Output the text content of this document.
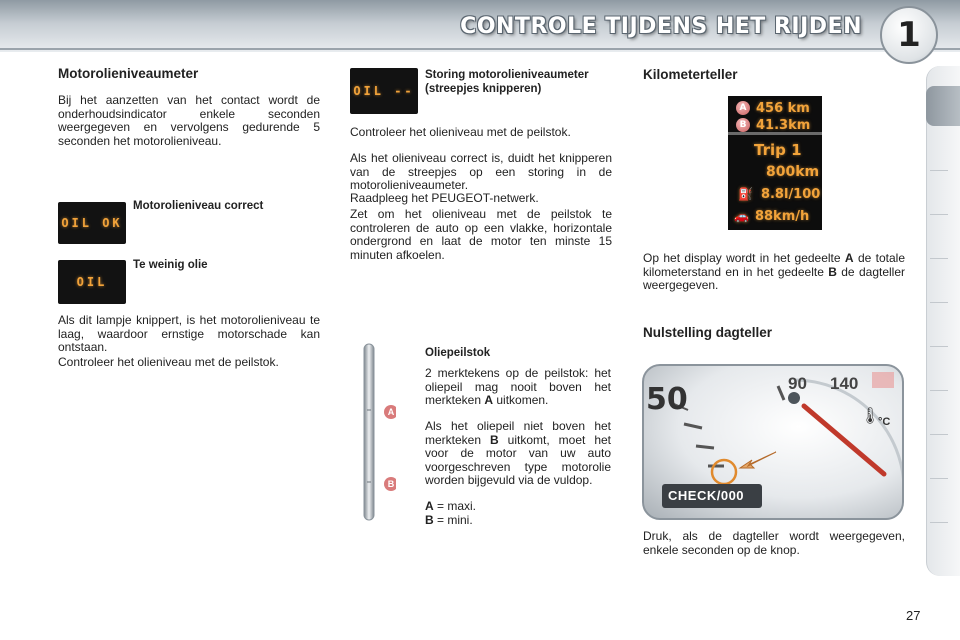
CONTROLE TIJDENS HET RIJDEN	1
Motorolieniveaumeter
Bij het aanzetten van het contact wordt de onderhoudsindicator enkele seconden weergegeven en vervolgens gedurende 5 seconden het motorolieniveau.
OIL OK
Motorolieniveau correct
OIL
Te weinig olie
Als dit lampje knippert, is het motorolieniveau te laag, waardoor ernstige motorschade kan ontstaan.
Controleer het olieniveau met de peilstok.
OIL --
Storing motorolieniveaumeter (streepjes knipperen)
Controleer het olieniveau met de peilstok.
Als het olieniveau correct is, duidt het knipperen van de streepjes op een storing in de motorolieniveaumeter.
Raadpleeg het PEUGEOT-netwerk.
Zet om het olieniveau met de peilstok te controleren de auto op een vlakke, horizontale ondergrond en laat de motor ten minste 15 minuten afkoelen.
A
B
Oliepeilstok
2 merktekens op de peilstok: het oliepeil mag nooit boven het merkteken A uitkomen.
Als het oliepeil niet boven het merkteken B uitkomt, moet het voor de motor van uw auto voorgeschreven type motorolie worden bijgevuld via de vuldop.
A = maxi.
B = mini.
Kilometerteller
A 456 km
B 41.3km
Trip 1
800km
⛽ 8.8l/100
🚗 88km/h
Op het display wordt in het gedeelte A de totale kilometerstand en in het gedeelte B de dagteller weergegeven.
Nulstelling dagteller
50	90 140
🌡
°C
CHECK/000
Druk, als de dagteller wordt weergegeven, enkele seconden op de knop.
27
